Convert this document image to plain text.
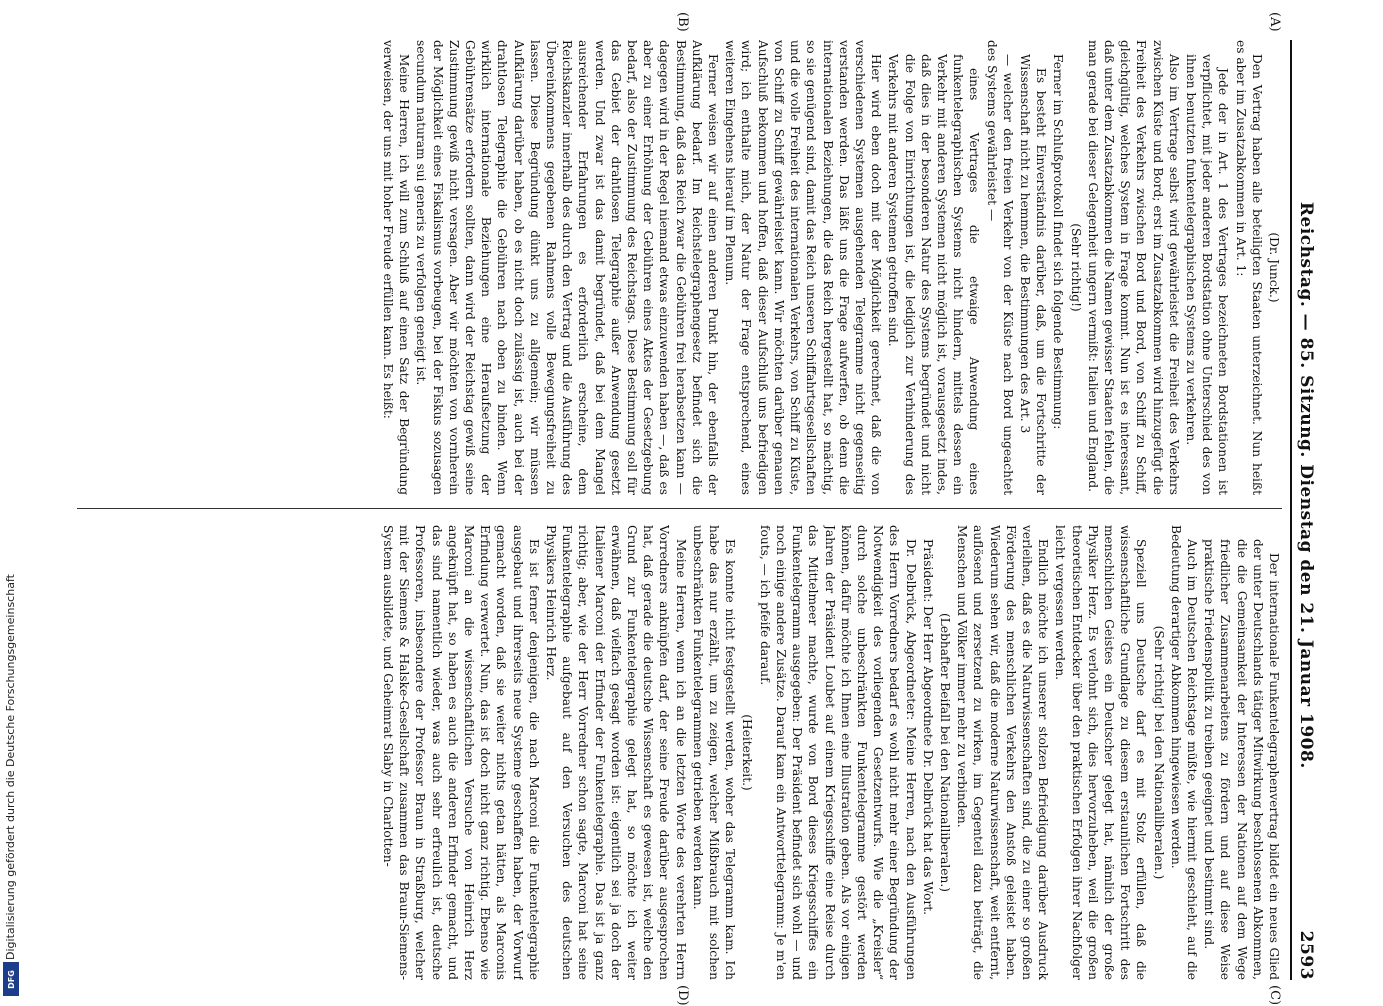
Reichstag. — 85. Sitzung. Dienstag den 21. Januar 1908.
2593
(A)
(B)
(C)
(D)

(Dr. Junck.)

Den Vertrag haben alle beteiligten Staaten unterzeichnet. Nun heißt es aber im Zusatzabkommen in Art. 1:

Jede der in Art. 1 des Vertrages bezeichneten Bordstationen ist verpflichtet, mit jeder anderen Bordstation ohne Unterschied des von ihnen benutzten funkentelegraphischen Systems zu verkehren.

Also im Vertrage selbst wird gewährleistet die Freiheit des Verkehrs zwischen Küste und Bord; erst im Zusatzabkommen wird hinzugefügt die Freiheit des Verkehrs zwischen Bord und Bord, von Schiff zu Schiff, gleichgültig, welches System in Frage kommt. Nun ist es interessant, daß unter dem Zusatzabkommen die Namen gewisser Staaten fehlen, die man gerade bei dieser Gelegenheit ungern vermißt: Italien und England.

(Sehr richtig!)

Ferner im Schlußprotokoll findet sich folgende Bestimmung:

Es besteht Einverständnis darüber, daß, um die Fortschritte der Wissenschaft nicht zu hemmen, die Bestimmungen des Art. 3

— welcher den freien Verkehr von der Küste nach Bord ungeachtet des Systems gewährleistet —

eines Vertrages die etwaige Anwendung eines funkentelegraphischen Systems nicht hindern, mittels dessen ein Verkehr mit anderen Systemen nicht möglich ist, vorausgesetzt indes, daß dies in der besonderen Natur des Systems begründet und nicht die Folge von Einrichtungen ist, die lediglich zur Verhinderung des Verkehrs mit anderen Systemen getroffen sind.

Hier wird eben doch mit der Möglichkeit gerechnet, daß die von verschiedenen Systemen ausgehenden Telegramme nicht gegenseitig verstanden werden. Das läßt uns die Frage aufwerfen, ob denn die internationalen Beziehungen, die das Reich hergestellt hat, so mächtig, so sie genügend sind, damit das Reich unseren Schiffahrtsgesellschaften und die volle Freiheit des internationalen Verkehrs, von Schiff zu Küste, von Schiff zu Schiff gewährleistet kann. Wir möchten darüber genauen Aufschluß bekommen und hoffen, daß dieser Aufschluß uns befriedigen wird; ich enthalte mich, der Natur der Frage entsprechend, eines weiteren Eingehens hierauf im Plenum.

Ferner weisen wir auf einen anderen Punkt hin, der ebenfalls der Aufklärung bedarf. Im Reichstelegraphengesetz befindet sich die Bestimmung, daß das Reich zwar die Gebühren frei herabsetzen kann — dagegen wird in der Regel niemand etwas einzuwenden haben —, daß es aber zu einer Erhöhung der Gebühren eines Aktes der Gesetzgebung bedarf, also der Zustimmung des Reichstags. Diese Bestimmung soll für das Gebiet der drahtlosen Telegraphie außer Anwendung gesetzt werden. Und zwar ist das damit begründet, daß bei dem Mangel ausreichender Erfahrungen es erforderlich erscheine, dem Reichskanzler innerhalb des durch den Vertrag und die Ausführung des Übereinkommens gegebenen Rahmens volle Bewegungsfreiheit zu lassen. Diese Begründung dünkt uns zu allgemein; wir müssen Aufklärung darüber haben, ob es nicht doch zulässig ist, auch bei der drahtlosen Telegraphie die Gebühren nach oben zu binden. Wenn wirklich internationale Beziehungen eine Heraufsetzung der Gebührensätze erfordern sollten, dann wird der Reichstag gewiß seine Zustimmung gewiß nicht versagen. Aber wir möchten von vornherein der Möglichkeit eines Fiskalismus vorbeugen, bei der Fiskus sozusagen secundum naturam sui generis zu verfolgen geneigt ist.

Meine Herren, ich will zum Schluß auf einen Satz der Begründung verweisen, der uns mit hoher Freude erfüllen kann. Es heißt:

Der internationale Funkentelegraphenvertrag bildet ein neues Glied der unter Deutschlands tätiger Mitwirkung beschlossenen Abkommen, die die Gemeinsamkeit der Interessen der Nationen auf dem Wege friedlicher Zusammenarbeitens zu fördern und auf diese Weise praktische Friedenspolitik zu treiben geeignet und bestimmt sind.

Auch im Deutschen Reichstage müßte, wie hiermit geschieht, auf die Bedeutung derartiger Abkommen hingewiesen werden.

(Sehr richtig! bei den Nationalliberalen.)

Speziell uns Deutsche darf es mit Stolz erfüllen, daß die wissenschaftliche Grundlage zu diesem erstaunlichen Fortschritt des menschlichen Geistes ein Deutscher gelegt hat, nämlich der große Physiker Herz. Es verlohnt sich, dies hervorzuheben, weil die großen theoretischen Entdecker über den praktischen Erfolgen ihrer Nachfolger leicht vergessen werden.

Endlich möchte ich unserer stolzen Befriedigung darüber Ausdruck verleihen, daß es die Naturwissenschaften sind, die zu einer so großen Förderung des menschlichen Verkehrs den Anstoß geleistet haben. Wiederum sehen wir, daß die moderne Naturwissenschaft, weit entfernt, auflösend und zersetzend zu wirken, im Gegenteil dazu beiträgt, die Menschen und Völker immer mehr zu verbinden.

(Lebhafter Beifall bei den Nationalliberalen.)

Präsident: Der Herr Abgeordnete Dr. Delbrück hat das Wort.

Dr. Delbrück, Abgeordneter: Meine Herren, nach den Ausführungen des Herrn Vorredners bedarf es wohl nicht mehr einer Begründung der Notwendigkeit des vorliegenden Gesetzentwurfs. Wie die „Kreisler“ durch solche unbeschränkten Funkentelegramme gestört werden können, dafür möchte ich Ihnen eine Illustration geben. Als vor einigen Jahren der Präsident Loubet auf einem Kriegsschiffe eine Reise durch das Mittelmeer machte, wurde von Bord dieses Kriegsschiffes ein Funkentelegramm ausgegeben: Der Präsident befindet sich wohl — und noch einige andere Zusätze. Darauf kam ein Antworttelegramm: Je m'en fouts, — ich pfeife darauf.

(Heiterkeit.)

Es konnte nicht festgestellt werden, woher das Telegramm kam. Ich habe das nur erzählt, um zu zeigen, welcher Mißbrauch mit solchen unbeschränkten Funkentelegrammen getrieben werden kann.

Meine Herren, wenn ich an die letzten Worte des verehrten Herrn Vorredners anknüpfen darf, der seine Freude darüber ausgesprochen hat, daß gerade die deutsche Wissenschaft es gewesen ist, welche den Grund zur Funkentelegraphie gelegt hat, so möchte ich weiter erwähnen, daß vielfach gesagt worden ist: eigentlich sei ja doch der Italiener Marconi der Erfinder der Funkentelegraphie. Das ist ja ganz richtig; aber, wie der Herr Vorredner schon sagte, Marconi hat seine Funkentelegraphie aufgebaut auf den Versuchen des deutschen Physikers Heinrich Herz.

Es ist ferner denjenigen, die nach Marconi die Funkentelegraphie ausgebaut und ihrerseits neue Systeme geschaffen haben, der Vorwurf gemacht worden, daß sie weiter nichts getan hätten, als Marconis Erfindung verwertet. Nun, das ist doch nicht ganz richtig. Ebenso wie Marconi an die wissenschaftlichen Versuche von Heinrich Herz angeknüpft hat, so haben es auch die anderen Erfinder gemacht, und das sind namentlich wieder, was auch sehr erfreulich ist, deutsche Professoren, insbesondere der Professor Braun in Straßburg, welcher mit der Siemens & Halske-Gesellschaft zusammen das Braun-Siemens-System ausbildete, und Geheimrat Slaby in Charlotten-

Digitalisierung gefördert durch die Deutsche Forschungsgemeinschaft
DFG
